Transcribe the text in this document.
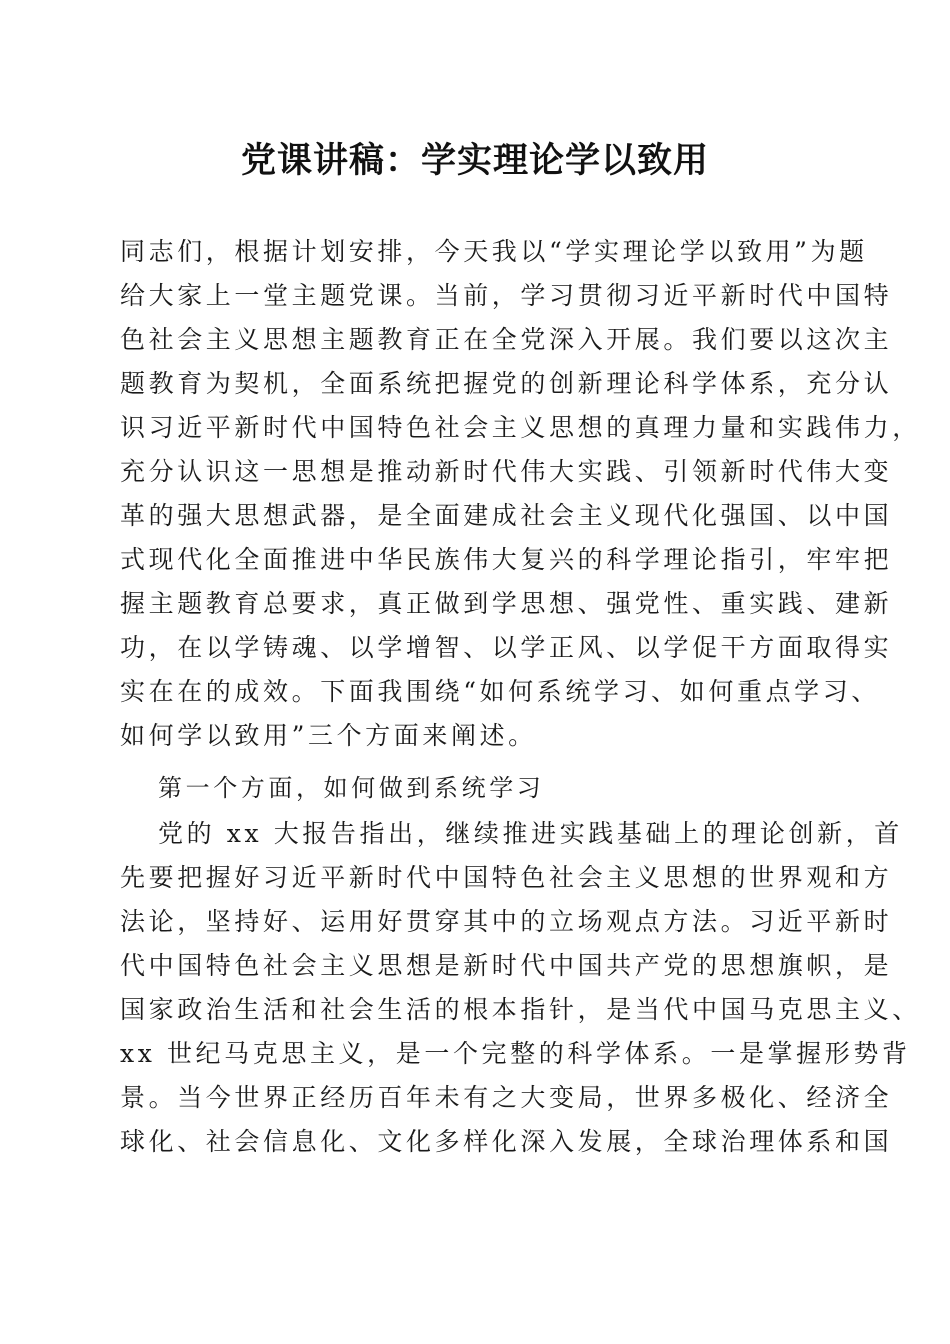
党课讲稿：学实理论学以致用
同志们，根据计划安排，今天我以“学实理论学以致用”为题
给大家上一堂主题党课。当前，学习贯彻习近平新时代中国特
色社会主义思想主题教育正在全党深入开展。我们要以这次主
题教育为契机，全面系统把握党的创新理论科学体系，充分认
识习近平新时代中国特色社会主义思想的真理力量和实践伟力，
充分认识这一思想是推动新时代伟大实践、引领新时代伟大变
革的强大思想武器，是全面建成社会主义现代化强国、以中国
式现代化全面推进中华民族伟大复兴的科学理论指引，牢牢把
握主题教育总要求，真正做到学思想、强党性、重实践、建新
功，在以学铸魂、以学增智、以学正风、以学促干方面取得实
实在在的成效。下面我围绕“如何系统学习、如何重点学习、
如何学以致用”三个方面来阐述。
第一个方面，如何做到系统学习
党的 xx 大报告指出，继续推进实践基础上的理论创新，首
先要把握好习近平新时代中国特色社会主义思想的世界观和方
法论，坚持好、运用好贯穿其中的立场观点方法。习近平新时
代中国特色社会主义思想是新时代中国共产党的思想旗帜，是
国家政治生活和社会生活的根本指针，是当代中国马克思主义、
xx 世纪马克思主义，是一个完整的科学体系。一是掌握形势背
景。当今世界正经历百年未有之大变局，世界多极化、经济全
球化、社会信息化、文化多样化深入发展，全球治理体系和国
